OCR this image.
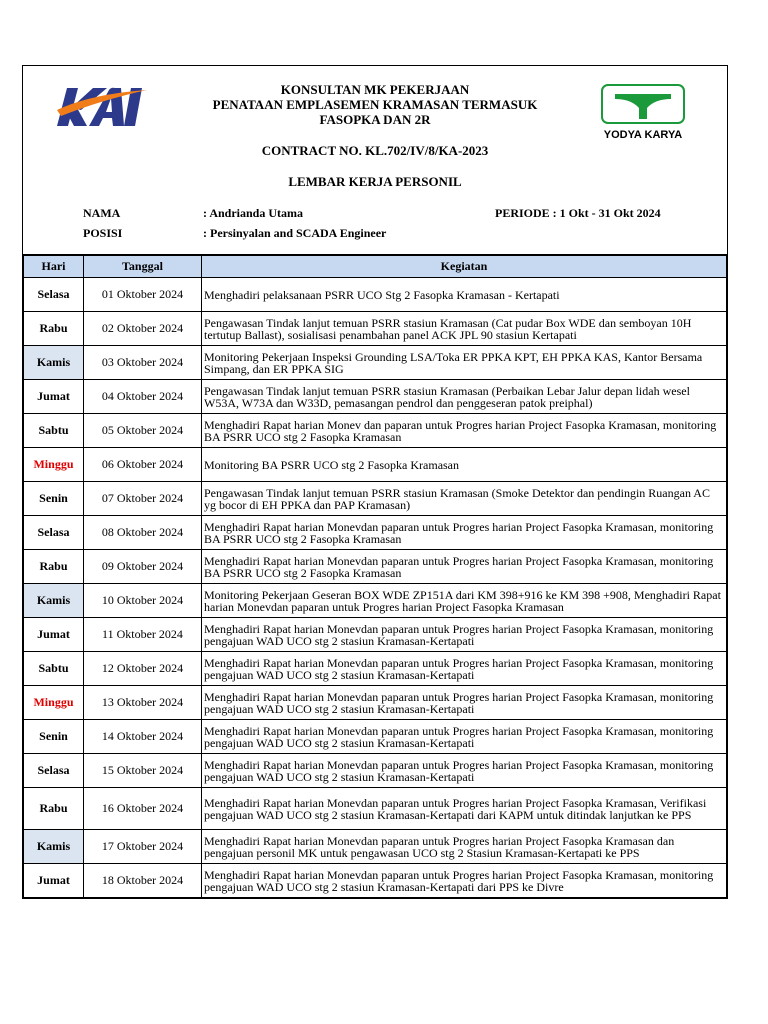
KONSULTAN MK PEKERJAAN
PENATAAN EMPLASEMEN KRAMASAN TERMASUK
FASOPKA DAN 2R
CONTRACT NO. KL.702/IV/8/KA-2023
LEMBAR KERJA PERSONIL
YODYA KARYA
NAMA	: Andrianda Utama	PERIODE : 1 Okt - 31 Okt 2024
POSISI	: Persinyalan and SCADA Engineer
Hari	Tanggal	Kegiatan
Selasa	01 Oktober 2024	Menghadiri pelaksanaan PSRR UCO Stg 2 Fasopka Kramasan - Kertapati
Rabu	02 Oktober 2024	Pengawasan Tindak lanjut temuan PSRR stasiun Kramasan (Cat pudar Box WDE dan semboyan 10H tertutup Ballast), sosialisasi penambahan panel ACK JPL 90 stasiun Kertapati
Kamis	03 Oktober 2024	Monitoring Pekerjaan Inspeksi Grounding LSA/Toka ER PPKA KPT, EH PPKA KAS, Kantor Bersama Simpang, dan ER PPKA SIG
Jumat	04 Oktober 2024	Pengawasan Tindak lanjut temuan PSRR stasiun Kramasan (Perbaikan Lebar Jalur depan lidah wesel W53A, W73A dan W33D, pemasangan pendrol dan penggeseran patok preiphal)
Sabtu	05 Oktober 2024	Menghadiri Rapat harian Monev dan paparan untuk Progres harian Project Fasopka Kramasan, monitoring BA PSRR UCO stg 2 Fasopka Kramasan
Minggu	06 Oktober 2024	Monitoring BA PSRR UCO stg 2 Fasopka Kramasan
Senin	07 Oktober 2024	Pengawasan Tindak lanjut temuan PSRR stasiun Kramasan (Smoke Detektor dan pendingin Ruangan AC yg bocor di EH PPKA dan PAP Kramasan)
Selasa	08 Oktober 2024	Menghadiri Rapat harian Monevdan paparan untuk Progres harian Project Fasopka Kramasan, monitoring BA PSRR UCO stg 2 Fasopka Kramasan
Rabu	09 Oktober 2024	Menghadiri Rapat harian Monevdan paparan untuk Progres harian Project Fasopka Kramasan, monitoring BA PSRR UCO stg 2 Fasopka Kramasan
Kamis	10 Oktober 2024	Monitoring Pekerjaan Geseran BOX WDE ZP151A dari KM 398+916 ke KM 398 +908, Menghadiri Rapat harian Monevdan paparan untuk Progres harian Project Fasopka Kramasan
Jumat	11 Oktober 2024	Menghadiri Rapat harian Monevdan paparan untuk Progres harian Project Fasopka Kramasan, monitoring pengajuan WAD UCO stg 2 stasiun Kramasan-Kertapati
Sabtu	12 Oktober 2024	Menghadiri Rapat harian Monevdan paparan untuk Progres harian Project Fasopka Kramasan, monitoring pengajuan WAD UCO stg 2 stasiun Kramasan-Kertapati
Minggu	13 Oktober 2024	Menghadiri Rapat harian Monevdan paparan untuk Progres harian Project Fasopka Kramasan, monitoring pengajuan WAD UCO stg 2 stasiun Kramasan-Kertapati
Senin	14 Oktober 2024	Menghadiri Rapat harian Monevdan paparan untuk Progres harian Project Fasopka Kramasan, monitoring pengajuan WAD UCO stg 2 stasiun Kramasan-Kertapati
Selasa	15 Oktober 2024	Menghadiri Rapat harian Monevdan paparan untuk Progres harian Project Fasopka Kramasan, monitoring pengajuan WAD UCO stg 2 stasiun Kramasan-Kertapati
Rabu	16 Oktober 2024	Menghadiri Rapat harian Monevdan paparan untuk Progres harian Project Fasopka Kramasan, Verifikasi pengajuan WAD UCO stg 2 stasiun Kramasan-Kertapati dari KAPM untuk ditindak lanjutkan ke PPS
Kamis	17 Oktober 2024	Menghadiri Rapat harian Monevdan paparan untuk Progres harian Project Fasopka Kramasan dan pengajuan personil MK untuk pengawasan UCO stg 2 Stasiun Kramasan-Kertapati ke PPS
Jumat	18 Oktober 2024	Menghadiri Rapat harian Monevdan paparan untuk Progres harian Project Fasopka Kramasan, monitoring pengajuan WAD UCO stg 2 stasiun Kramasan-Kertapati dari PPS ke Divre
